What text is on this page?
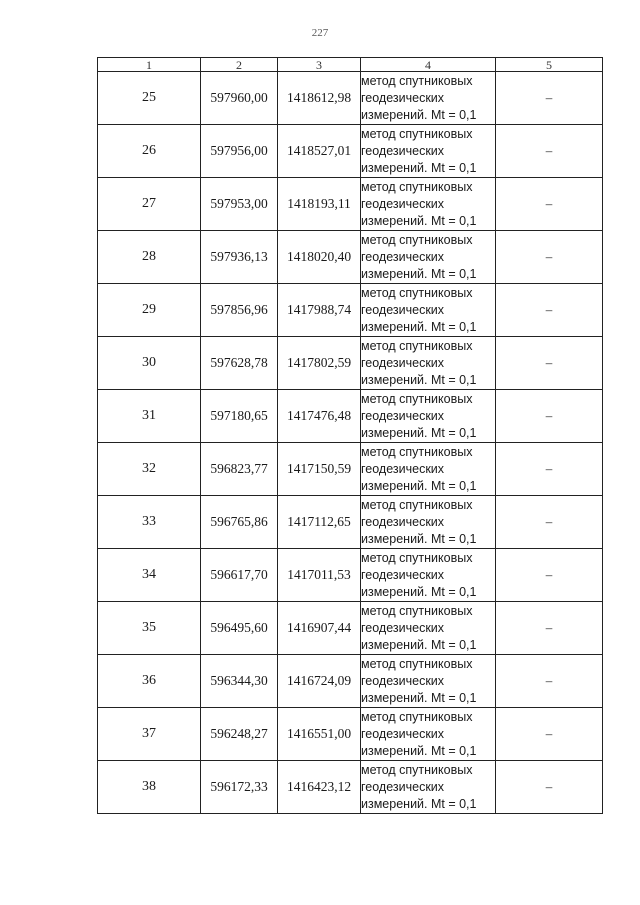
227
1	2	3	4	5
25	597960,00	1418612,98	метод спутниковых
геодезических
измерений. Mt = 0,1	–
26	597956,00	1418527,01	метод спутниковых
геодезических
измерений. Mt = 0,1	–
27	597953,00	1418193,11	метод спутниковых
геодезических
измерений. Mt = 0,1	–
28	597936,13	1418020,40	метод спутниковых
геодезических
измерений. Mt = 0,1	–
29	597856,96	1417988,74	метод спутниковых
геодезических
измерений. Mt = 0,1	–
30	597628,78	1417802,59	метод спутниковых
геодезических
измерений. Mt = 0,1	–
31	597180,65	1417476,48	метод спутниковых
геодезических
измерений. Mt = 0,1	–
32	596823,77	1417150,59	метод спутниковых
геодезических
измерений. Mt = 0,1	–
33	596765,86	1417112,65	метод спутниковых
геодезических
измерений. Mt = 0,1	–
34	596617,70	1417011,53	метод спутниковых
геодезических
измерений. Mt = 0,1	–
35	596495,60	1416907,44	метод спутниковых
геодезических
измерений. Mt = 0,1	–
36	596344,30	1416724,09	метод спутниковых
геодезических
измерений. Mt = 0,1	–
37	596248,27	1416551,00	метод спутниковых
геодезических
измерений. Mt = 0,1	–
38	596172,33	1416423,12	метод спутниковых
геодезических
измерений. Mt = 0,1	–
